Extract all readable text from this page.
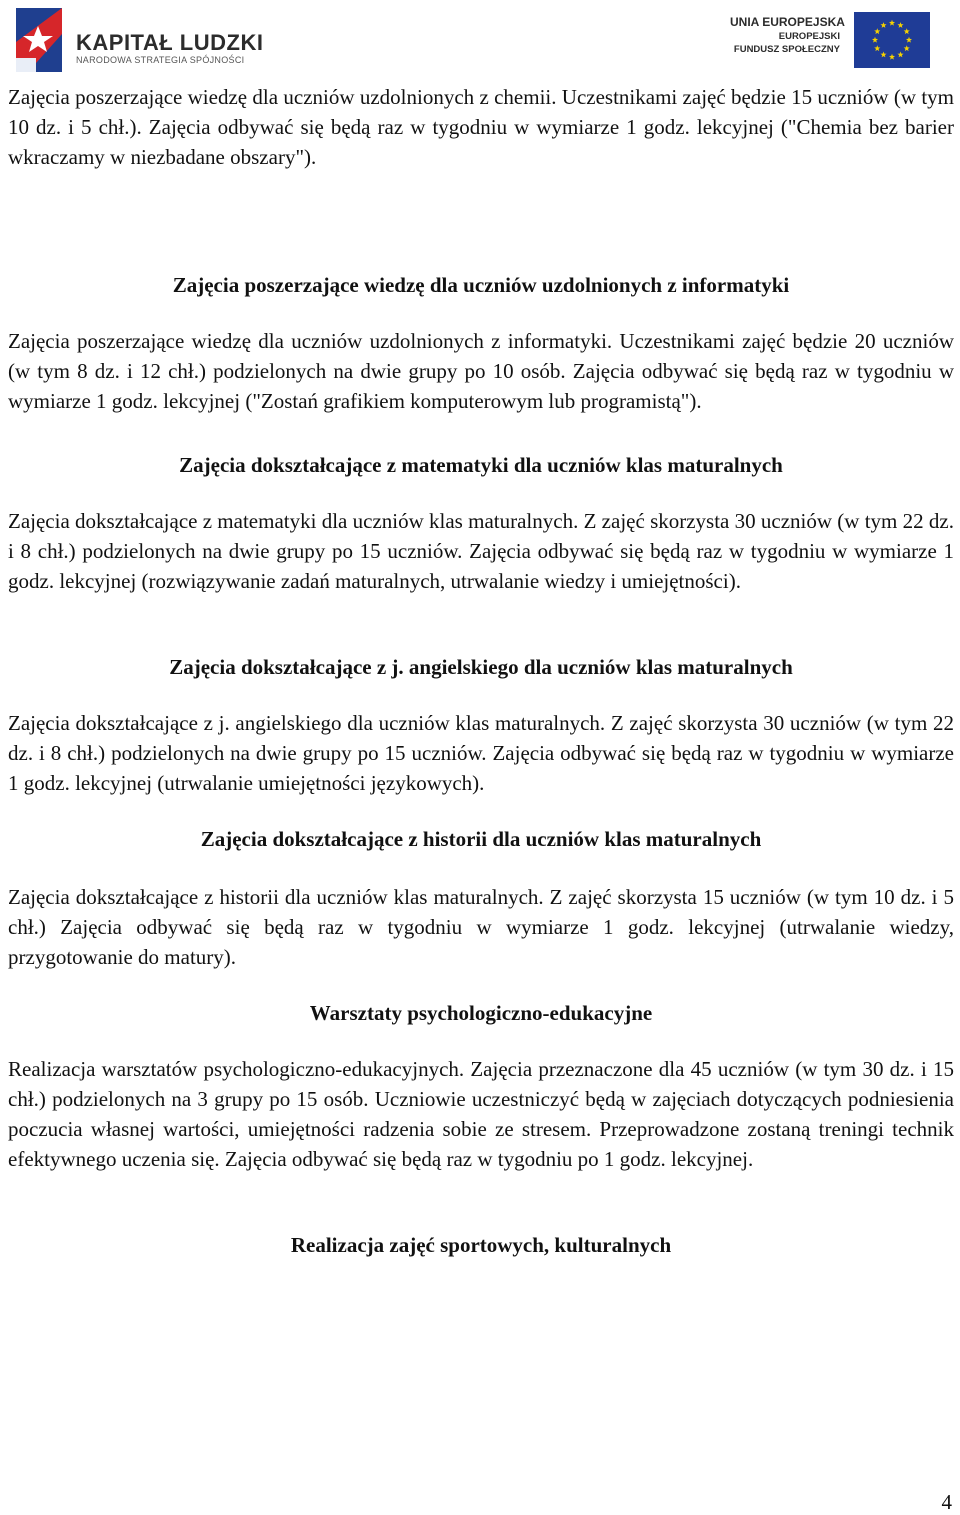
KAPITAŁ LUDZKI
NARODOWA STRATEGIA SPÓJNOŚCI
UNIA EUROPEJSKA
EUROPEJSKI
FUNDUSZ SPOŁECZNY

Zajęcia poszerzające wiedzę dla uczniów uzdolnionych z chemii. Uczestnikami zajęć będzie 15 uczniów (w tym 10 dz. i 5 chł.). Zajęcia odbywać się będą raz w tygodniu w wymiarze 1 godz. lekcyjnej ("Chemia bez barier wkraczamy w niezbadane obszary").

Zajęcia poszerzające wiedzę dla uczniów uzdolnionych z informatyki

Zajęcia poszerzające wiedzę dla uczniów uzdolnionych z informatyki. Uczestnikami zajęć będzie 20 uczniów (w tym 8 dz. i 12 chł.) podzielonych na dwie grupy po 10 osób. Zajęcia odbywać się będą raz w tygodniu w wymiarze 1 godz. lekcyjnej ("Zostań grafikiem komputerowym lub programistą").

Zajęcia dokształcające z matematyki dla uczniów klas maturalnych

Zajęcia dokształcające z matematyki dla uczniów klas maturalnych. Z zajęć skorzysta 30 uczniów (w tym 22 dz. i 8 chł.) podzielonych na dwie grupy po 15 uczniów. Zajęcia odbywać się będą raz w tygodniu w wymiarze 1 godz. lekcyjnej (rozwiązywanie zadań maturalnych, utrwalanie wiedzy i umiejętności).

Zajęcia dokształcające z j. angielskiego dla uczniów klas maturalnych

Zajęcia dokształcające z j. angielskiego dla uczniów klas maturalnych. Z zajęć skorzysta 30 uczniów (w tym 22 dz. i 8 chł.) podzielonych na dwie grupy po 15 uczniów. Zajęcia odbywać się będą raz w tygodniu w wymiarze 1 godz. lekcyjnej (utrwalanie umiejętności językowych).

Zajęcia dokształcające z historii dla uczniów klas maturalnych

Zajęcia dokształcające z historii dla uczniów klas maturalnych. Z zajęć skorzysta 15 uczniów (w tym 10 dz. i 5 chł.) Zajęcia odbywać się będą raz w tygodniu w wymiarze 1 godz. lekcyjnej (utrwalanie wiedzy, przygotowanie do matury).

Warsztaty psychologiczno-edukacyjne

Realizacja warsztatów psychologiczno-edukacyjnych. Zajęcia przeznaczone dla 45 uczniów (w tym 30 dz. i 15 chł.) podzielonych na 3 grupy po 15 osób. Uczniowie uczestniczyć będą w zajęciach dotyczących podniesienia poczucia własnej wartości, umiejętności radzenia sobie ze stresem. Przeprowadzone zostaną treningi technik efektywnego uczenia się. Zajęcia odbywać się będą raz w tygodniu po 1 godz. lekcyjnej.

Realizacja zajęć sportowych, kulturalnych
4
